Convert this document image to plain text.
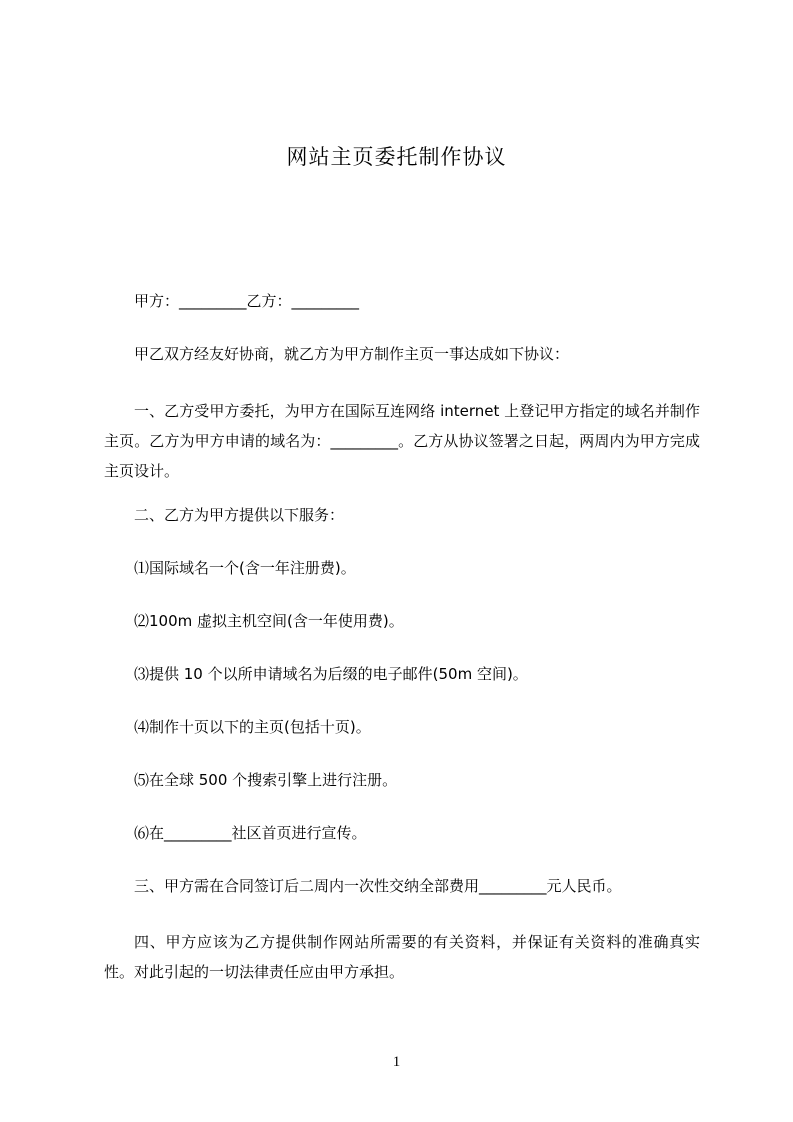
网站主页委托制作协议
甲方：_________乙方：_________
甲乙双方经友好协商，就乙方为甲方制作主页一事达成如下协议：
一、乙方受甲方委托，为甲方在国际互连网络 internet 上登记甲方指定的域名并制作主页。乙方为甲方申请的域名为：_________。乙方从协议签署之日起，两周内为甲方完成主页设计。
二、乙方为甲方提供以下服务：
⑴国际域名一个(含一年注册费)。
⑵100m 虚拟主机空间(含一年使用费)。
⑶提供 10 个以所申请域名为后缀的电子邮件(50m 空间)。
⑷制作十页以下的主页(包括十页)。
⑸在全球 500 个搜索引擎上进行注册。
⑹在_________社区首页进行宣传。
三、甲方需在合同签订后二周内一次性交纳全部费用_________元人民币。
四、甲方应该为乙方提供制作网站所需要的有关资料，并保证有关资料的准确真实性。对此引起的一切法律责任应由甲方承担。
1
